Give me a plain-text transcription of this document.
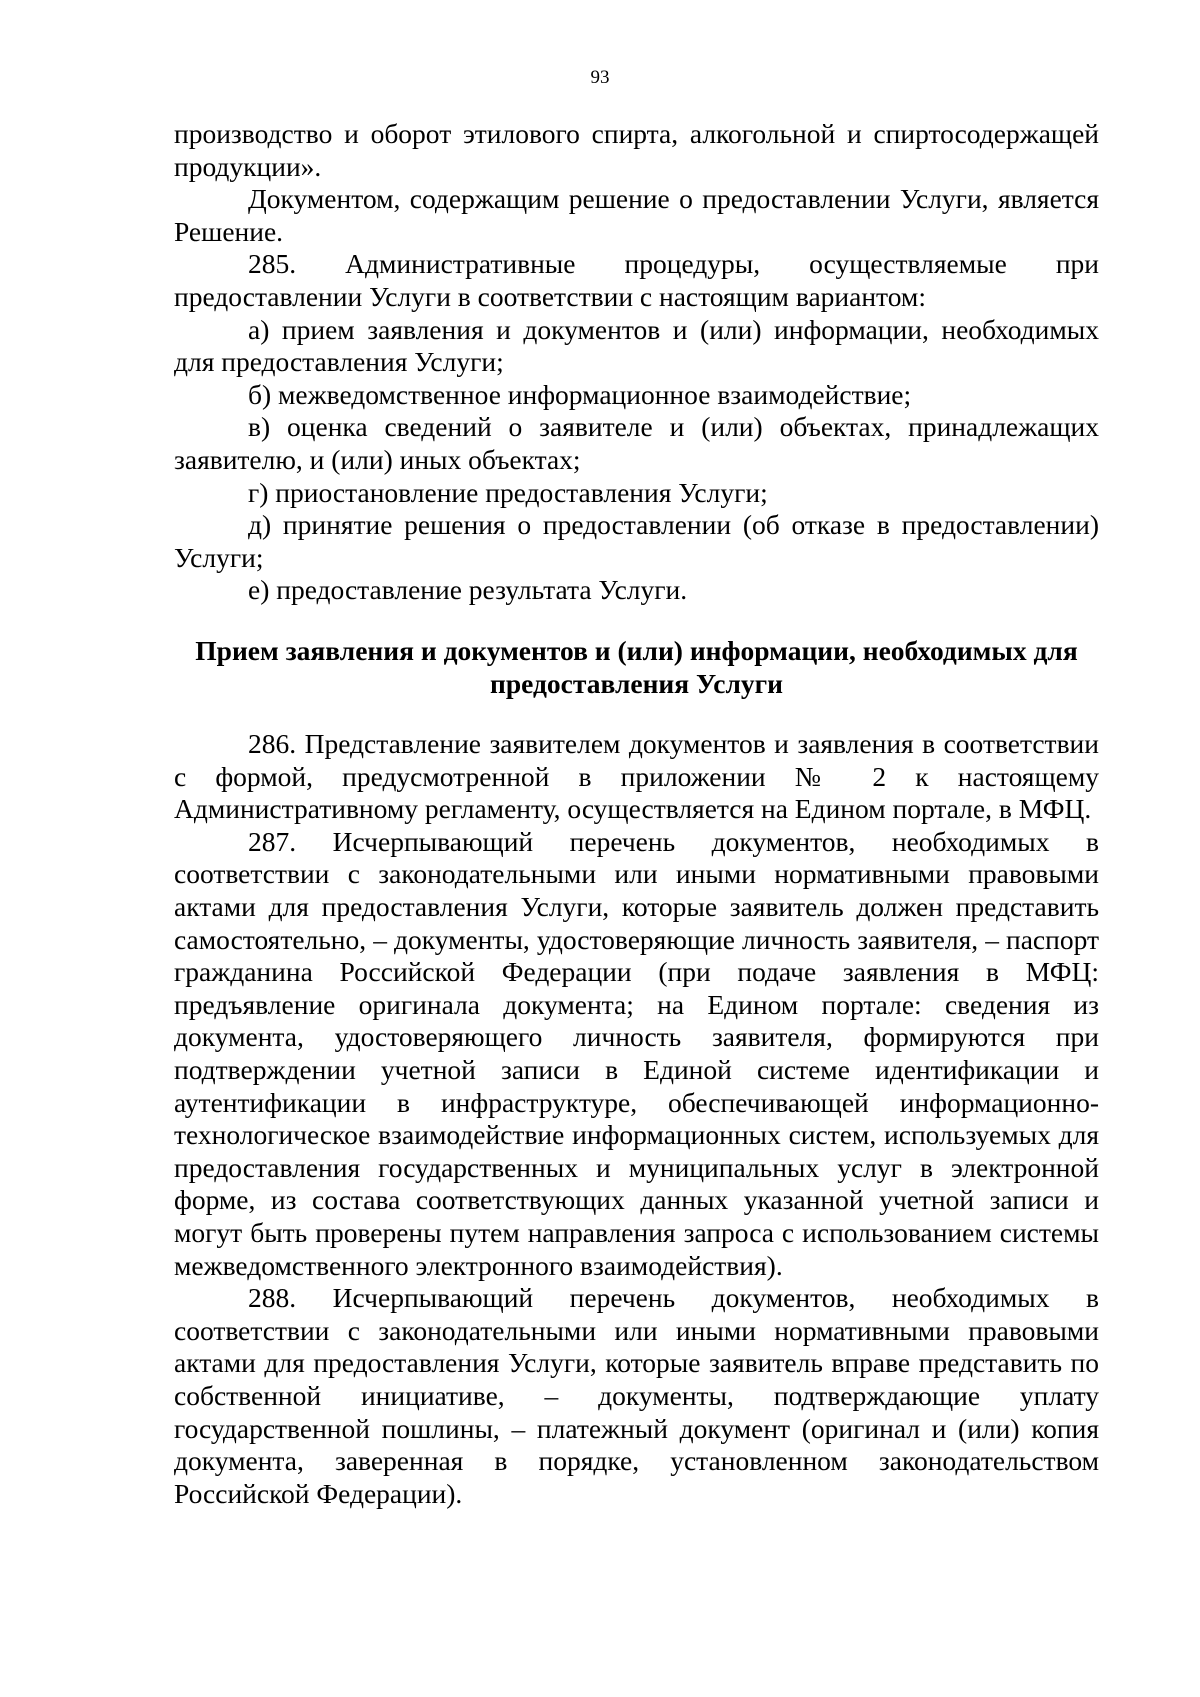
93

производство и оборот этилового спирта, алкогольной и спиртосодержащей продукции».

Документом, содержащим решение о предоставлении Услуги, является Решение.

285. Административные процедуры, осуществляемые при предоставлении Услуги в соответствии с настоящим вариантом:

а) прием заявления и документов и (или) информации, необходимых для предоставления Услуги;

б) межведомственное информационное взаимодействие;

в) оценка сведений о заявителе и (или) объектах, принадлежащих заявителю, и (или) иных объектах;

г) приостановление предоставления Услуги;

д) принятие решения о предоставлении (об отказе в предоставлении) Услуги;

е) предоставление результата Услуги.

Прием заявления и документов и (или) информации, необходимых для предоставления Услуги

286. Представление заявителем документов и заявления в соответствии с формой, предусмотренной в приложении № 2 к настоящему Административному регламенту, осуществляется на Едином портале, в МФЦ.

287. Исчерпывающий перечень документов, необходимых в соответствии с законодательными или иными нормативными правовыми актами для предоставления Услуги, которые заявитель должен представить самостоятельно, – документы, удостоверяющие личность заявителя, – паспорт гражданина Российской Федерации (при подаче заявления в МФЦ: предъявление оригинала документа; на Едином портале: сведения из документа, удостоверяющего личность заявителя, формируются при подтверждении учетной записи в Единой системе идентификации и аутентификации в инфраструктуре, обеспечивающей информационно-технологическое взаимодействие информационных систем, используемых для предоставления государственных и муниципальных услуг в электронной форме, из состава соответствующих данных указанной учетной записи и могут быть проверены путем направления запроса с использованием системы межведомственного электронного взаимодействия).

288. Исчерпывающий перечень документов, необходимых в соответствии с законодательными или иными нормативными правовыми актами для предоставления Услуги, которые заявитель вправе представить по собственной инициативе, – документы, подтверждающие уплату государственной пошлины, – платежный документ (оригинал и (или) копия документа, заверенная в порядке, установленном законодательством Российской Федерации).
